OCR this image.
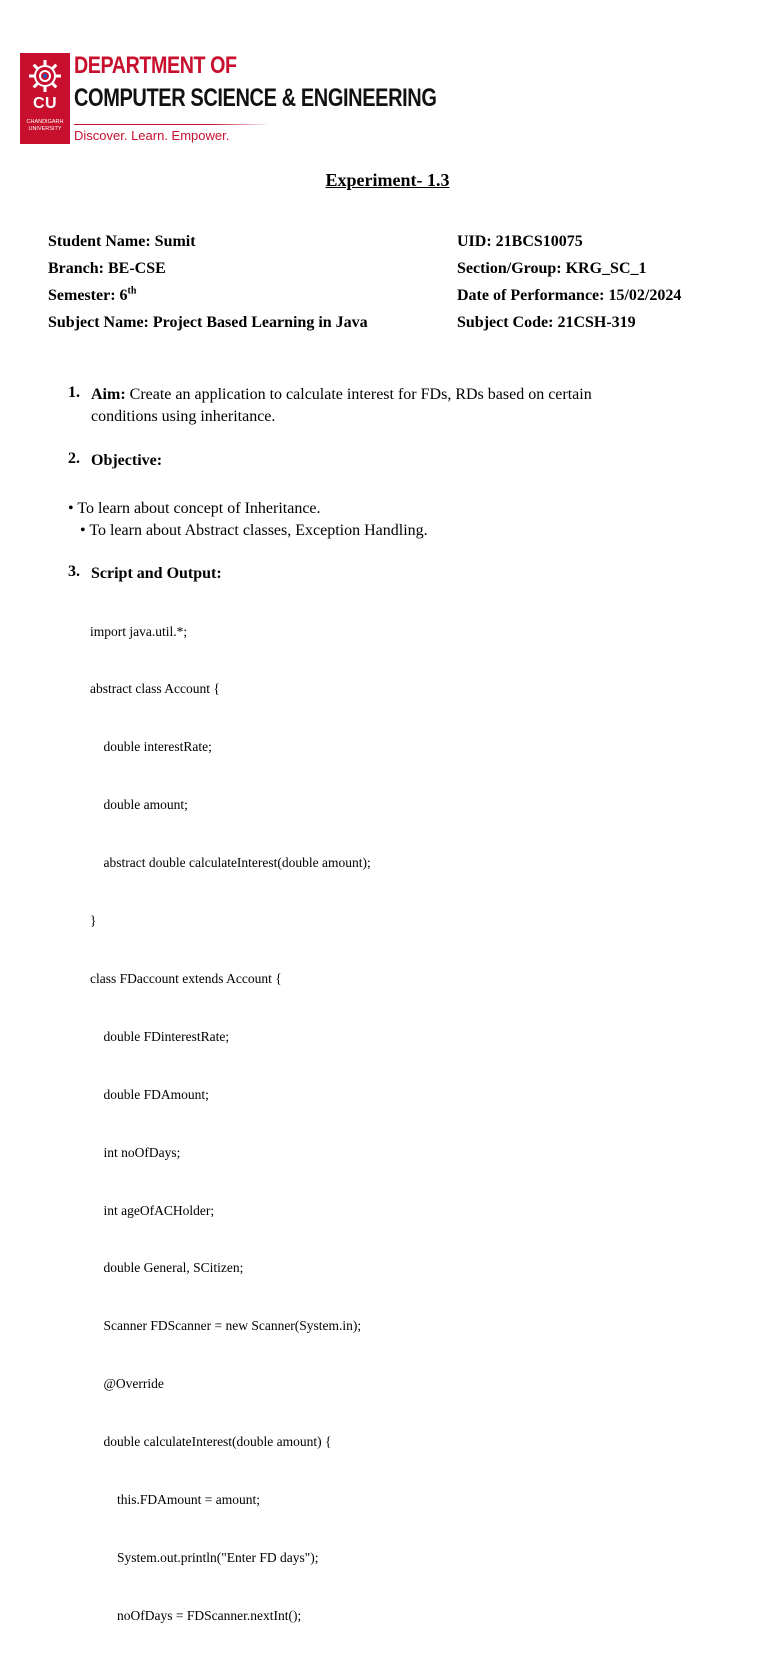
CU
CHANDIGARH
UNIVERSITY
DEPARTMENT OF
COMPUTER SCIENCE & ENGINEERING
Discover. Learn. Empower.
Experiment- 1.3
Student Name: Sumit
Branch: BE-CSE
Semester: 6th
Subject Name: Project Based Learning in Java
UID: 21BCS10075
Section/Group: KRG_SC_1
Date of Performance: 15/02/2024
Subject Code: 21CSH-319
1. Aim: Create an application to calculate interest for FDs, RDs based on certain
conditions using inheritance.
2. Objective:
• To learn about concept of Inheritance.
• To learn about Abstract classes, Exception Handling.
3. Script and Output:

import java.util.*;

abstract class Account {

double interestRate;

double amount;

abstract double calculateInterest(double amount);

}

class FDaccount extends Account {

double FDinterestRate;

double FDAmount;

int noOfDays;

int ageOfACHolder;

double General, SCitizen;

Scanner FDScanner = new Scanner(System.in);

@Override

double calculateInterest(double amount) {

this.FDAmount = amount;

System.out.println("Enter FD days");

noOfDays = FDScanner.nextInt();
